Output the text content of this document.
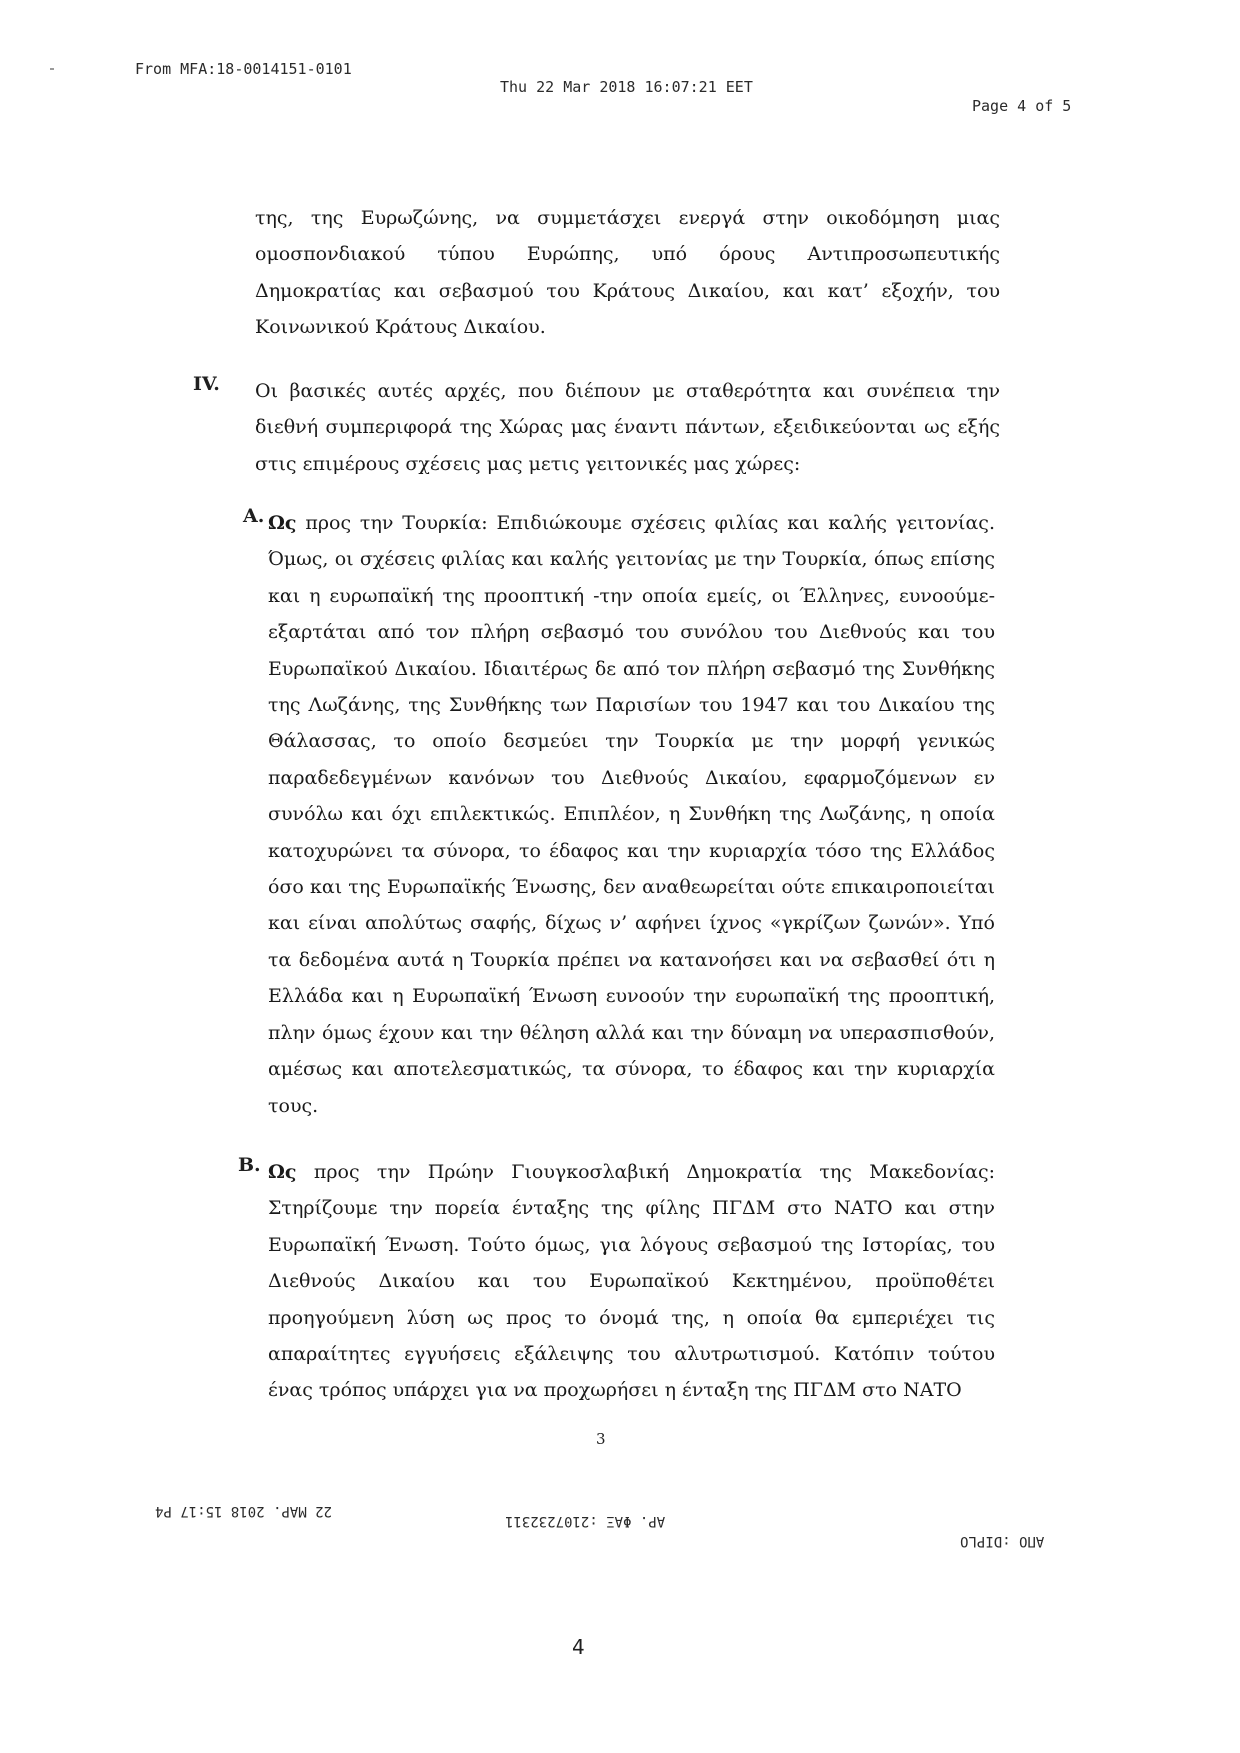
From MFA:18-0014151-0101
Thu 22 Mar 2018 16:07:21 EET
Page 4 of 5
της, της Ευρωζώνης, να συμμετάσχει ενεργά στην οικοδόμηση μιας ομοσπονδιακού τύπου Ευρώπης, υπό όρους Αντιπροσωπευτικής Δημοκρατίας και σεβασμού του Κράτους Δικαίου, και κατ’ εξοχήν, του Κοινωνικού Κράτους Δικαίου.
IV. Οι βασικές αυτές αρχές, που διέπουν με σταθερότητα και συνέπεια την διεθνή συμπεριφορά της Χώρας μας έναντι πάντων, εξειδικεύονται ως εξής στις επιμέρους σχέσεις μας μετις γειτονικές μας χώρες:
Α. Ως προς την Τουρκία: Επιδιώκουμε σχέσεις φιλίας και καλής γειτονίας. Όμως, οι σχέσεις φιλίας και καλής γειτονίας με την Τουρκία, όπως επίσης και η ευρωπαϊκή της προοπτική -την οποία εμείς, οι Έλληνες, ευνοούμε- εξαρτάται από τον πλήρη σεβασμό του συνόλου του Διεθνούς και του Ευρωπαϊκού Δικαίου. Ιδιαιτέρως δε από τον πλήρη σεβασμό της Συνθήκης της Λωζάνης, της Συνθήκης των Παρισίων του 1947 και του Δικαίου της Θάλασσας, το οποίο δεσμεύει την Τουρκία με την μορφή γενικώς παραδεδεγμένων κανόνων του Διεθνούς Δικαίου, εφαρμοζόμενων εν συνόλω και όχι επιλεκτικώς. Επιπλέον, η Συνθήκη της Λωζάνης, η οποία κατοχυρώνει τα σύνορα, το έδαφος και την κυριαρχία τόσο της Ελλάδος όσο και της Ευρωπαϊκής Ένωσης, δεν αναθεωρείται ούτε επικαιροποιείται και είναι απολύτως σαφής, δίχως ν’ αφήνει ίχνος «γκρίζων ζωνών». Υπό τα δεδομένα αυτά η Τουρκία πρέπει να κατανοήσει και να σεβασθεί ότι η Ελλάδα και η Ευρωπαϊκή Ένωση ευνοούν την ευρωπαϊκή της προοπτική, πλην όμως έχουν και την θέληση αλλά και την δύναμη να υπερασπισθούν, αμέσως και αποτελεσματικώς, τα σύνορα, το έδαφος και την κυριαρχία τους.
Β. Ως προς την Πρώην Γιουγκοσλαβική Δημοκρατία της Μακεδονίας: Στηρίζουμε την πορεία ένταξης της φίλης ΠΓΔΜ στο ΝΑΤΟ και στην Ευρωπαϊκή Ένωση. Τούτο όμως, για λόγους σεβασμού της Ιστορίας, του Διεθνούς Δικαίου και του Ευρωπαϊκού Κεκτημένου, προϋποθέτει προηγούμενη λύση ως προς το όνομά της, η οποία θα εμπεριέχει τις απαραίτητες εγγυήσεις εξάλειψης του αλυτρωτισμού. Κατόπιν τούτου ένας τρόπος υπάρχει για να προχωρήσει η ένταξη της ΠΓΔΜ στο ΝΑΤΟ
3
22 ΜΑΡ. 2018 15:17 P4
ΑΡ. ΦΑΞ :2107232311
ΑΠΟ :DIPLO
4
